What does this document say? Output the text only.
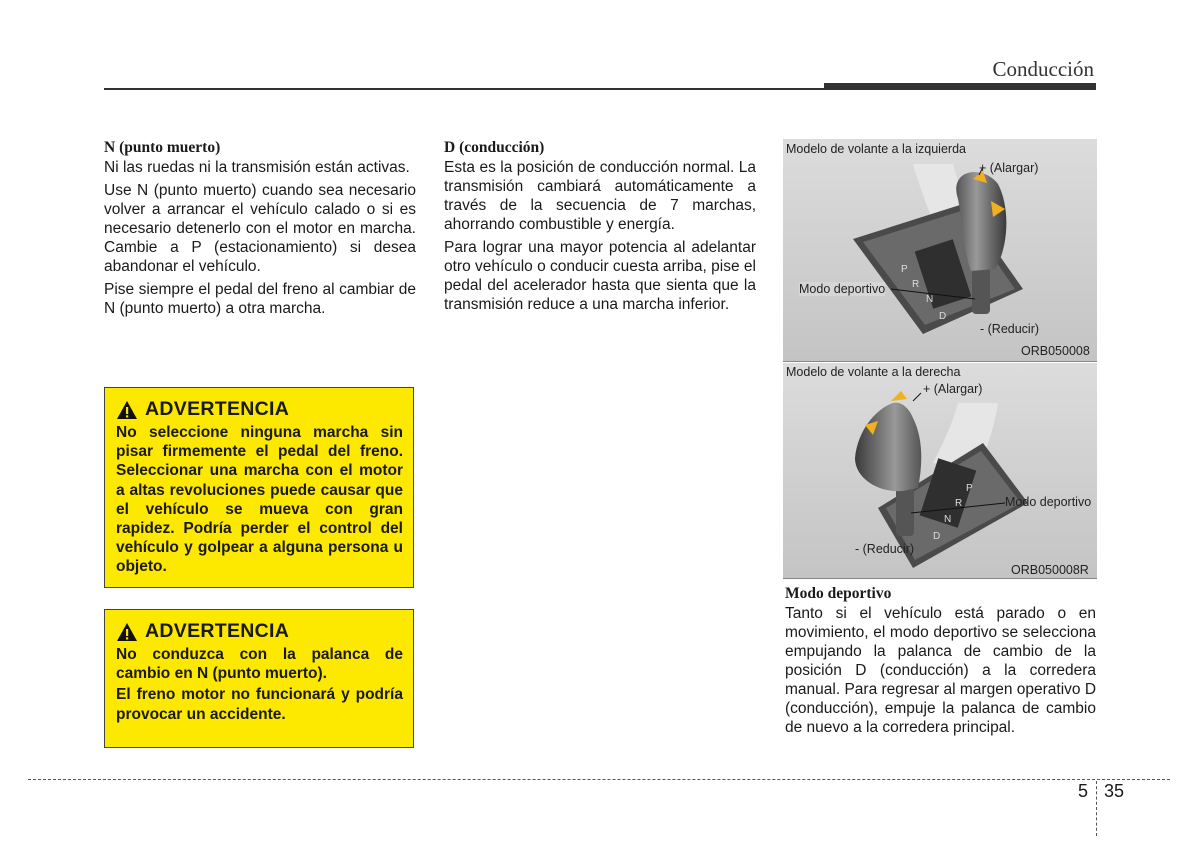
Conducción
N (punto muerto)

Ni las ruedas ni la transmisión están activas.

Use N (punto muerto) cuando sea necesario volver a arrancar el vehículo calado o si es necesario detenerlo con el motor en marcha. Cambie a P (estacionamiento) si desea abandonar el vehículo.

Pise siempre el pedal del freno al cambiar de N (punto muerto) a otra marcha.

ADVERTENCIA

No seleccione ninguna marcha sin pisar firmemente el pedal del freno. Seleccionar una marcha con el motor a altas revoluciones puede causar que el vehículo se mueva con gran rapidez. Podría perder el control del vehículo y golpear a alguna persona u objeto.

ADVERTENCIA

No conduzca con la palanca de cambio en N (punto muerto).

El freno motor no funcionará y podría provocar un accidente.

D (conducción)

Esta es la posición de conducción normal. La transmisión cambiará automáticamente a través de la secuencia de 7 marchas, ahorrando combustible y energía.

Para lograr una mayor potencia al adelantar otro vehículo o conducir cuesta arriba, pise el pedal del acelerador hasta que sienta que la transmisión reduce a una marcha inferior.

P
R
N
D
Modelo de volante a la izquierda
+ (Alargar)
Modo deportivo
- (Reducir)
ORB050008
P
R
N
D
Modelo de volante a la derecha
+ (Alargar)
Modo deportivo
- (Reducir)
ORB050008R
Modo deportivo

Tanto si el vehículo está parado o en movimiento, el modo deportivo se selecciona empujando la palanca de cambio de la posición D (conducción) a la corredera manual. Para regresar al margen operativo D (conducción), empuje la palanca de cambio de nuevo a la corredera principal.

5 35
